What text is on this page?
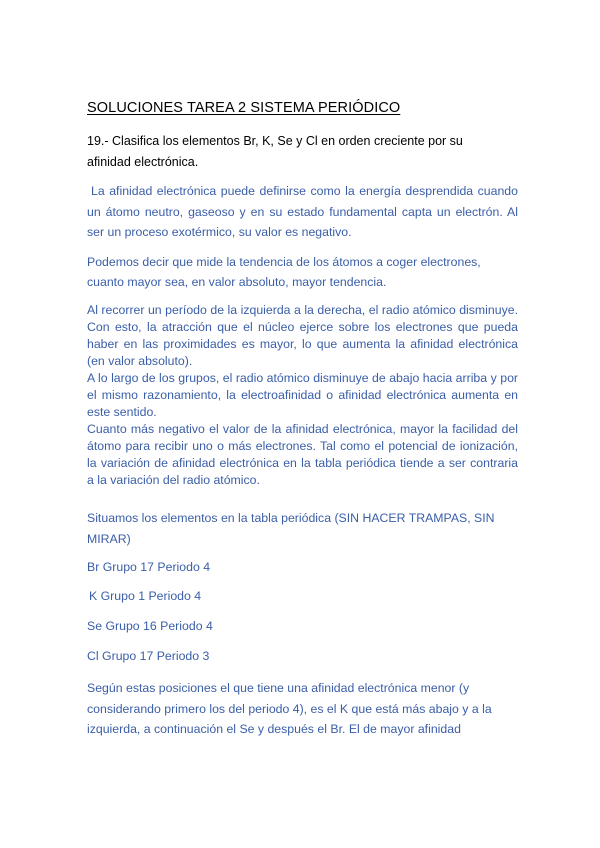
SOLUCIONES TAREA 2 SISTEMA PERIÓDICO
19.- Clasifica los elementos Br, K, Se y Cl en orden creciente por su afinidad electrónica.

La afinidad electrónica puede definirse como la energía desprendida cuando un átomo neutro, gaseoso y en su estado fundamental capta un electrón. Al ser un proceso exotérmico, su valor es negativo.

Podemos decir que mide la tendencia de los átomos a coger electrones, cuanto mayor sea, en valor absoluto, mayor tendencia.

Al recorrer un período de la izquierda a la derecha, el radio atómico disminuye. Con esto, la atracción que el núcleo ejerce sobre los electrones que pueda haber en las proximidades es mayor, lo que aumenta la afinidad electrónica (en valor absoluto).
A lo largo de los grupos, el radio atómico disminuye de abajo hacia arriba y por el mismo razonamiento, la electroafinidad o afinidad electrónica aumenta en este sentido.
Cuanto más negativo el valor de la afinidad electrónica, mayor la facilidad del átomo para recibir uno o más electrones. Tal como el potencial de ionización, la variación de afinidad electrónica en la tabla periódica tiende a ser contraria a la variación del radio atómico.

Situamos los elementos en la tabla periódica (SIN HACER TRAMPAS, SIN MIRAR)

Br Grupo 17 Periodo 4

K Grupo 1 Periodo 4

Se Grupo 16 Periodo 4

Cl Grupo 17 Periodo 3

Según estas posiciones el que tiene una afinidad electrónica menor (y considerando primero los del periodo 4), es el K que está más abajo y a la izquierda, a continuación el Se y después el Br. El de mayor afinidad
